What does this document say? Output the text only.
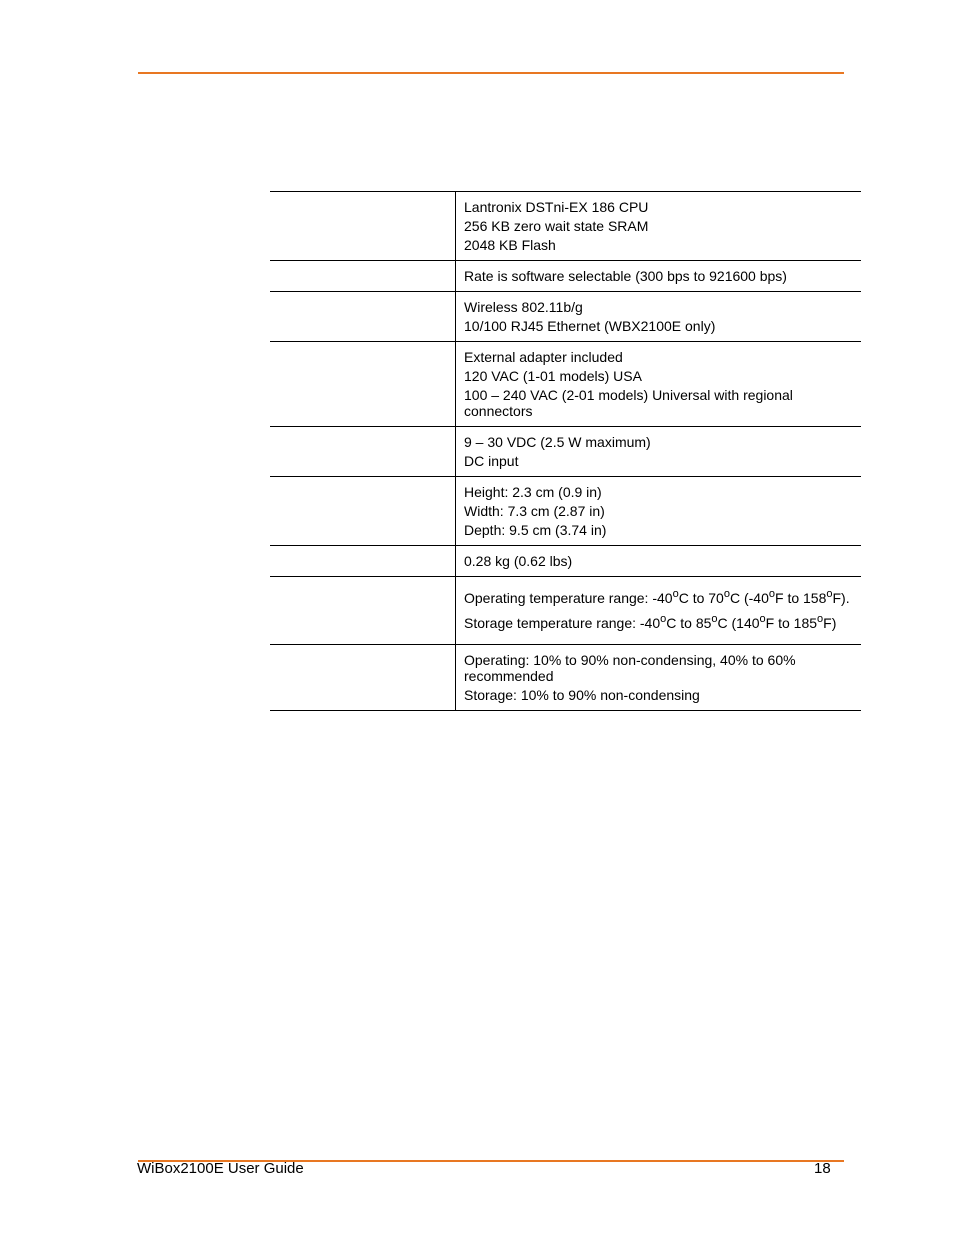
	Lantronix DSTni-EX 186 CPU
256 KB zero wait state SRAM
2048 KB Flash

	Rate is software selectable (300 bps to 921600 bps)

	Wireless 802.11b/g
10/100 RJ45 Ethernet (WBX2100E only)

	External adapter included
120 VAC (1-01 models) USA
100 – 240 VAC (2-01 models) Universal with regional connectors

	9 – 30 VDC (2.5 W maximum)
DC input

	Height: 2.3 cm (0.9 in)
Width: 7.3 cm (2.87 in)
Depth: 9.5 cm (3.74 in)

	0.28 kg (0.62 lbs)

	Operating temperature range: -40$^o$C to 70$^o$C (-40$^o$F to 158$^o$F).
Storage temperature range: -40$^o$C to 85$^o$C (140$^o$F to 185$^o$F)

	Operating: 10% to 90% non-condensing, 40% to 60% recommended
Storage: 10% to 90% non-condensing
WiBox2100E User Guide	18
